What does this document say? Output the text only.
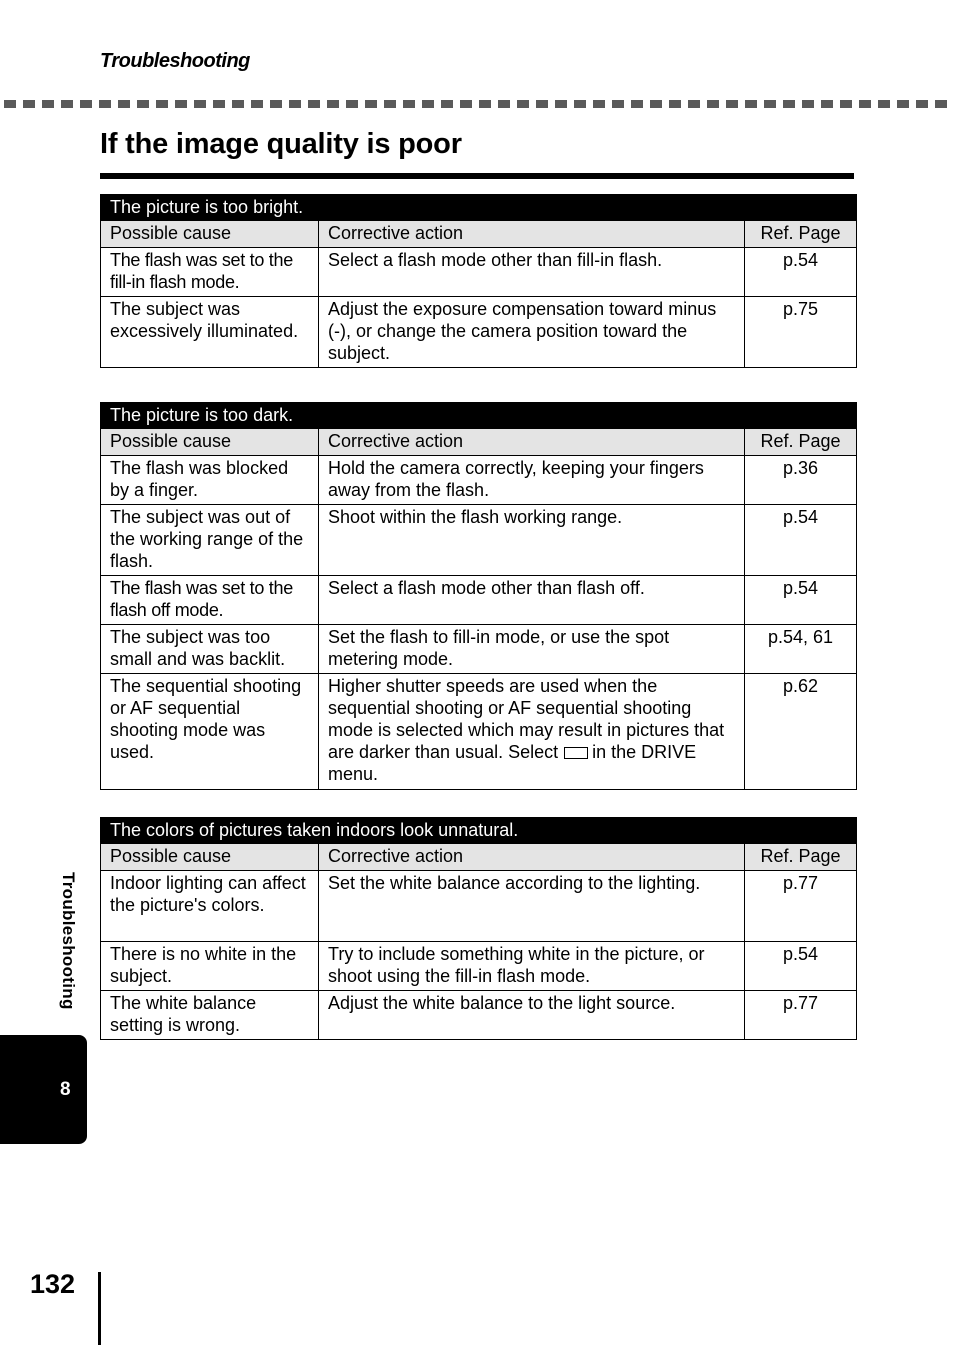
Troubleshooting
If the image quality is poor
The picture is too bright.		
Possible cause	Corrective action	Ref. Page
The flash was set to the fill-in flash mode.	Select a flash mode other than fill-in flash.	p.54
The subject was excessively illuminated.	Adjust the exposure compensation toward minus (-), or change the camera position toward the subject.	p.75
The picture is too dark.		
Possible cause	Corrective action	Ref. Page
The flash was blocked by a finger.	Hold the camera correctly, keeping your fingers away from the flash.	p.36
The subject was out of the working range of the flash.	Shoot within the flash working range.	p.54
The flash was set to the flash off mode.	Select a flash mode other than flash off.	p.54
The subject was too small and was backlit.	Set the flash to fill-in mode, or use the spot metering mode.	p.54, 61
The sequential shooting or AF sequential shooting mode was used.	Higher shutter speeds are used when the sequential shooting or AF sequential shooting mode is selected which may result in pictures that are darker than usual. Select in the DRIVE menu.	p.62
The colors of pictures taken indoors look unnatural.		
Possible cause	Corrective action	Ref. Page
Indoor lighting can affect the picture's colors.	Set the white balance according to the lighting.	p.77
There is no white in the subject.	Try to include something white in the picture, or shoot using the fill-in flash mode.	p.54
The white balance setting is wrong.	Adjust the white balance to the light source.	p.77
Troubleshooting
8
132
